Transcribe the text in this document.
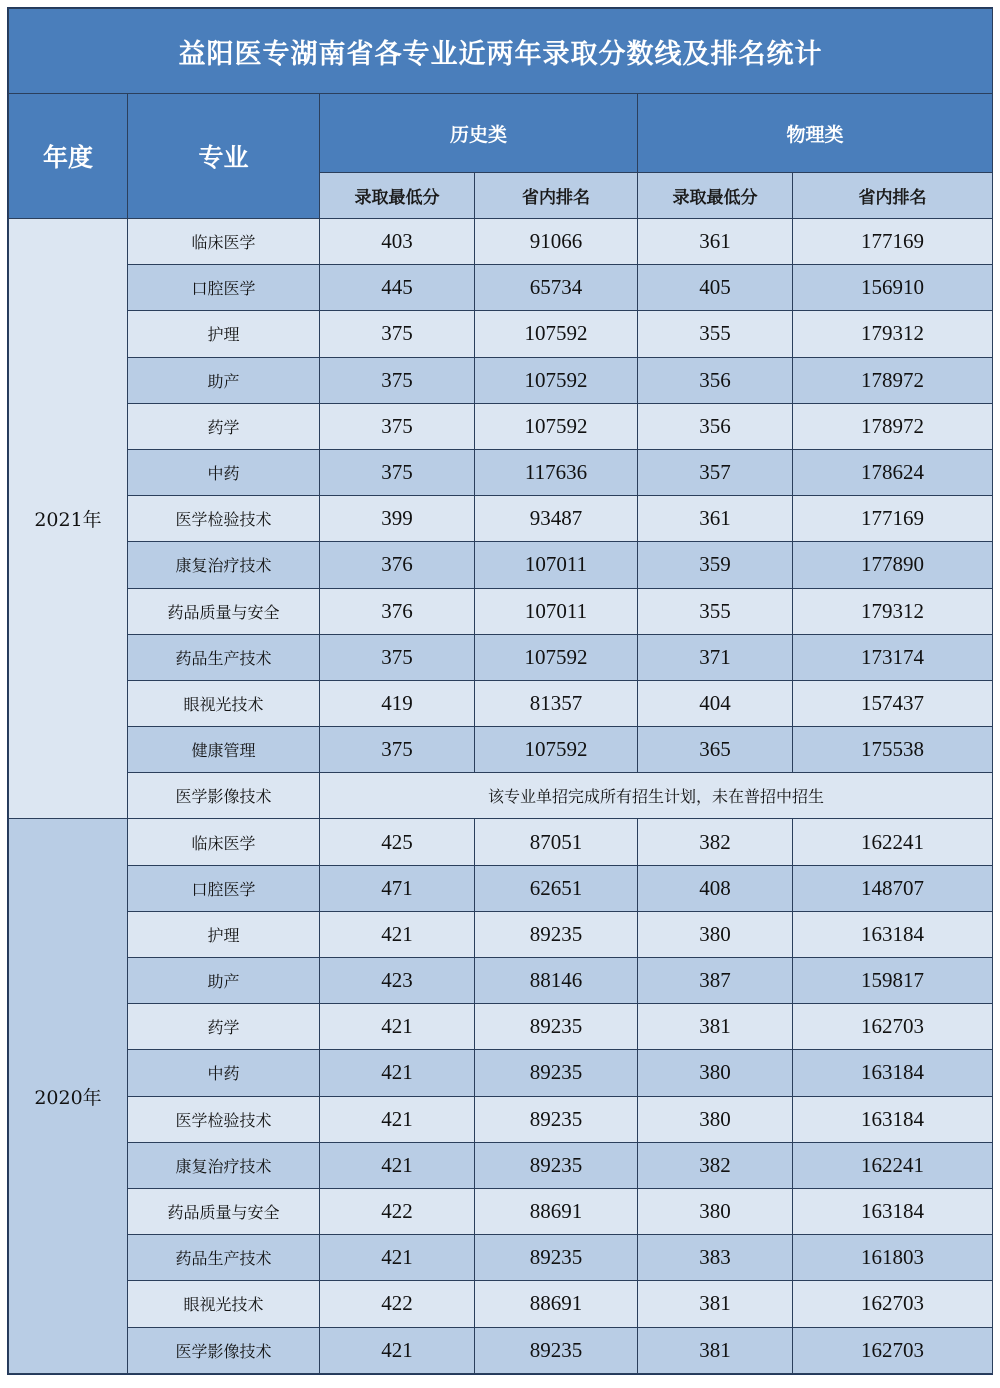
益阳医专湖南省各专业近两年录取分数线及排名统计					
年度	专业	历史类		物理类	
		录取最低分	省内排名	录取最低分	省内排名
2021年	临床医学	403	91066	361	177169
	口腔医学	445	65734	405	156910
	护理	375	107592	355	179312
	助产	375	107592	356	178972
	药学	375	107592	356	178972
	中药	375	117636	357	178624
	医学检验技术	399	93487	361	177169
	康复治疗技术	376	107011	359	177890
	药品质量与安全	376	107011	355	179312
	药品生产技术	375	107592	371	173174
	眼视光技术	419	81357	404	157437
	健康管理	375	107592	365	175538
	医学影像技术	该专业单招完成所有招生计划，未在普招中招生			
2020年	临床医学	425	87051	382	162241
	口腔医学	471	62651	408	148707
	护理	421	89235	380	163184
	助产	423	88146	387	159817
	药学	421	89235	381	162703
	中药	421	89235	380	163184
	医学检验技术	421	89235	380	163184
	康复治疗技术	421	89235	382	162241
	药品质量与安全	422	88691	380	163184
	药品生产技术	421	89235	383	161803
	眼视光技术	422	88691	381	162703
	医学影像技术	421	89235	381	162703
